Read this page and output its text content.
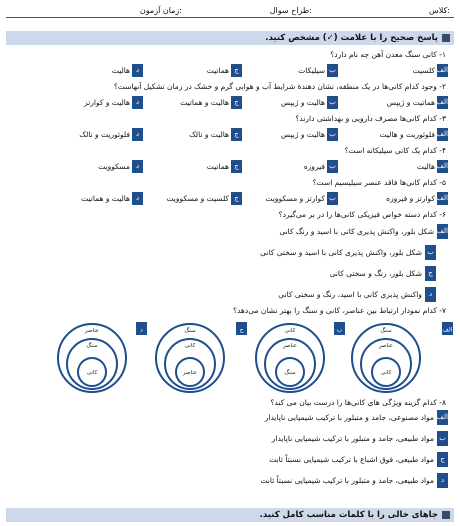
کلاس:
طراح سوال:
زمان آزمون:
پاسخ صحیح را با علامت (✓) مشخص کنید.
۱- کانی سنگ معدن آهن چه نام دارد؟
الف
کلسیت
ب
سیلیکات
ج
هماتیت
د
هالیت
۲- وجود کدام کانی‌ها در یک منطقه، نشان دهندهٔ شرایط آب و هوایی گرم و خشک در زمان تشکیل آنهاست؟
الف
هماتیت و ژیپس
ب
هالیت و ژیپس
ج
هالیت و هماتیت
د
هالیت و کوارتز
۳- کدام کانی‌ها مصرف دارویی و بهداشتی دارند؟
الف
فلوئوریت و هالیت
ب
هالیت و ژیپس
ج
هالیت و تالک
د
فلوئوریت و تالک
۴- کدام یک کانی سیلیکاته است؟
الف
هالیت
ب
فیروزه
ج
هماتیت
د
مسکوویت
۵- کدام کانی‌ها فاقد عنصر سیلیسیم است؟
الف
کوارتز و فیروزه
ب
کوارتز و مسکوویت
ج
کلسیت و مسکوویت
د
هالیت و هماتیت
۶- کدام دسته خواص فیزیکی کانی‌ها را در بر می‌گیرد؟
الف
شکل بلور، واکنش پذیری کانی با اسید و رنگ کانی
ب
شکل بلور، واکنش پذیری کانی با اسید و سختی کانی
ج
شکل بلور، رنگ و سختی کانی
د
واکنش پذیری کانی با اسید، رنگ و سختی کانی
۷- کدام نمودار ارتباط بین عناصر، کانی و سنگ را بهتر نشان می‌دهد؟
الف
سنگ
عناصر
کانی
ب
کانی
عناصر
سنگ
ج
سنگ
کانی
عناصر
د
عناصر
سنگ
کانی
۸- کدام گزینه ویژگی های کانی‌ها را درست بیان می کند؟
الف
مواد مصنوعی، جامد و متبلور با ترکیب شیمیایی ناپایدار
ب
مواد طبیعی، جامد و متبلور با ترکیب شیمیایی ناپایدار
ج
مواد طبیعی، فوق اشباع با ترکیب شیمیایی نسبتاً ثابت
د
مواد طبیعی، جامد و متبلور با ترکیب شیمیایی نسبتاً ثابت
جاهای خالی را با کلمات مناسب کامل کنید.
